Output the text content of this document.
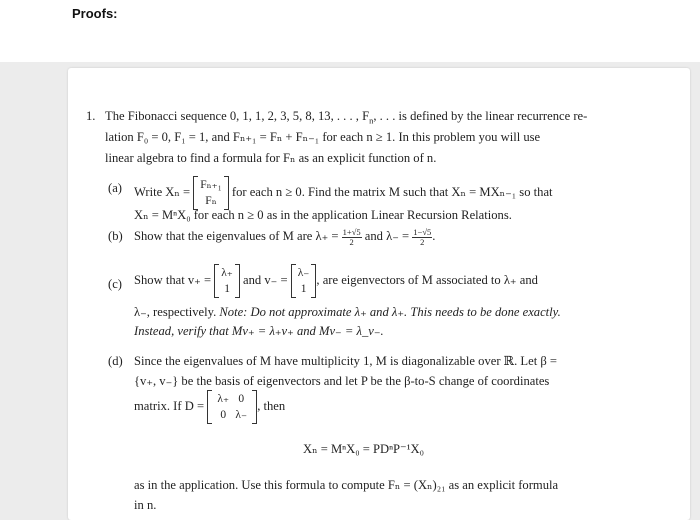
Proofs:
1. The Fibonacci sequence 0, 1, 1, 2, 3, 5, 8, 13, . . . , $F_n$, . . . is defined by the linear recurrence re-
lation F₀ = 0, F₁ = 1, and Fₙ₊₁ = Fₙ + Fₙ₋₁ for each n ≥ 1. In this problem you will use
linear algebra to find a formula for Fₙ as an explicit function of n.
(a) Write Xₙ = Fₙ₊₁
Fₙ
for each n ≥ 0. Find the matrix M such that Xₙ = MXₙ₋₁ so that
Xₙ = MⁿX₀ for each n ≥ 0 as in the application Linear Recursion Relations.
(b) Show that the eigenvalues of M are $\lambda_+ = \frac{1+√5}{2}$ and $\lambda_- = \frac{1-√5}{2}$ .
(c) Show that v₊ = λ₊
1
and v₋ = λ₋
1
, are eigenvectors of M associated to λ₊ and
λ₋, respectively. Note: Do not approximate λ₊ and λ₊. This needs to be done exactly.
Instead, verify that Mv₊ = λ₊v₊ and Mv₋ = λ_v₋.
(d) Since the eigenvalues of M have multiplicity 1, M is diagonalizable over ℝ. Let β =
{v₊, v₋} be the basis of eigenvectors and let P be the β-to-S change of coordinates
matrix. If D = λ₊ 0
0 λ₋
, then
Xₙ = MⁿX₀ = PDⁿP⁻¹X₀
as in the application. Use this formula to compute Fₙ = (Xₙ)₂₁ as an explicit formula
in n.
